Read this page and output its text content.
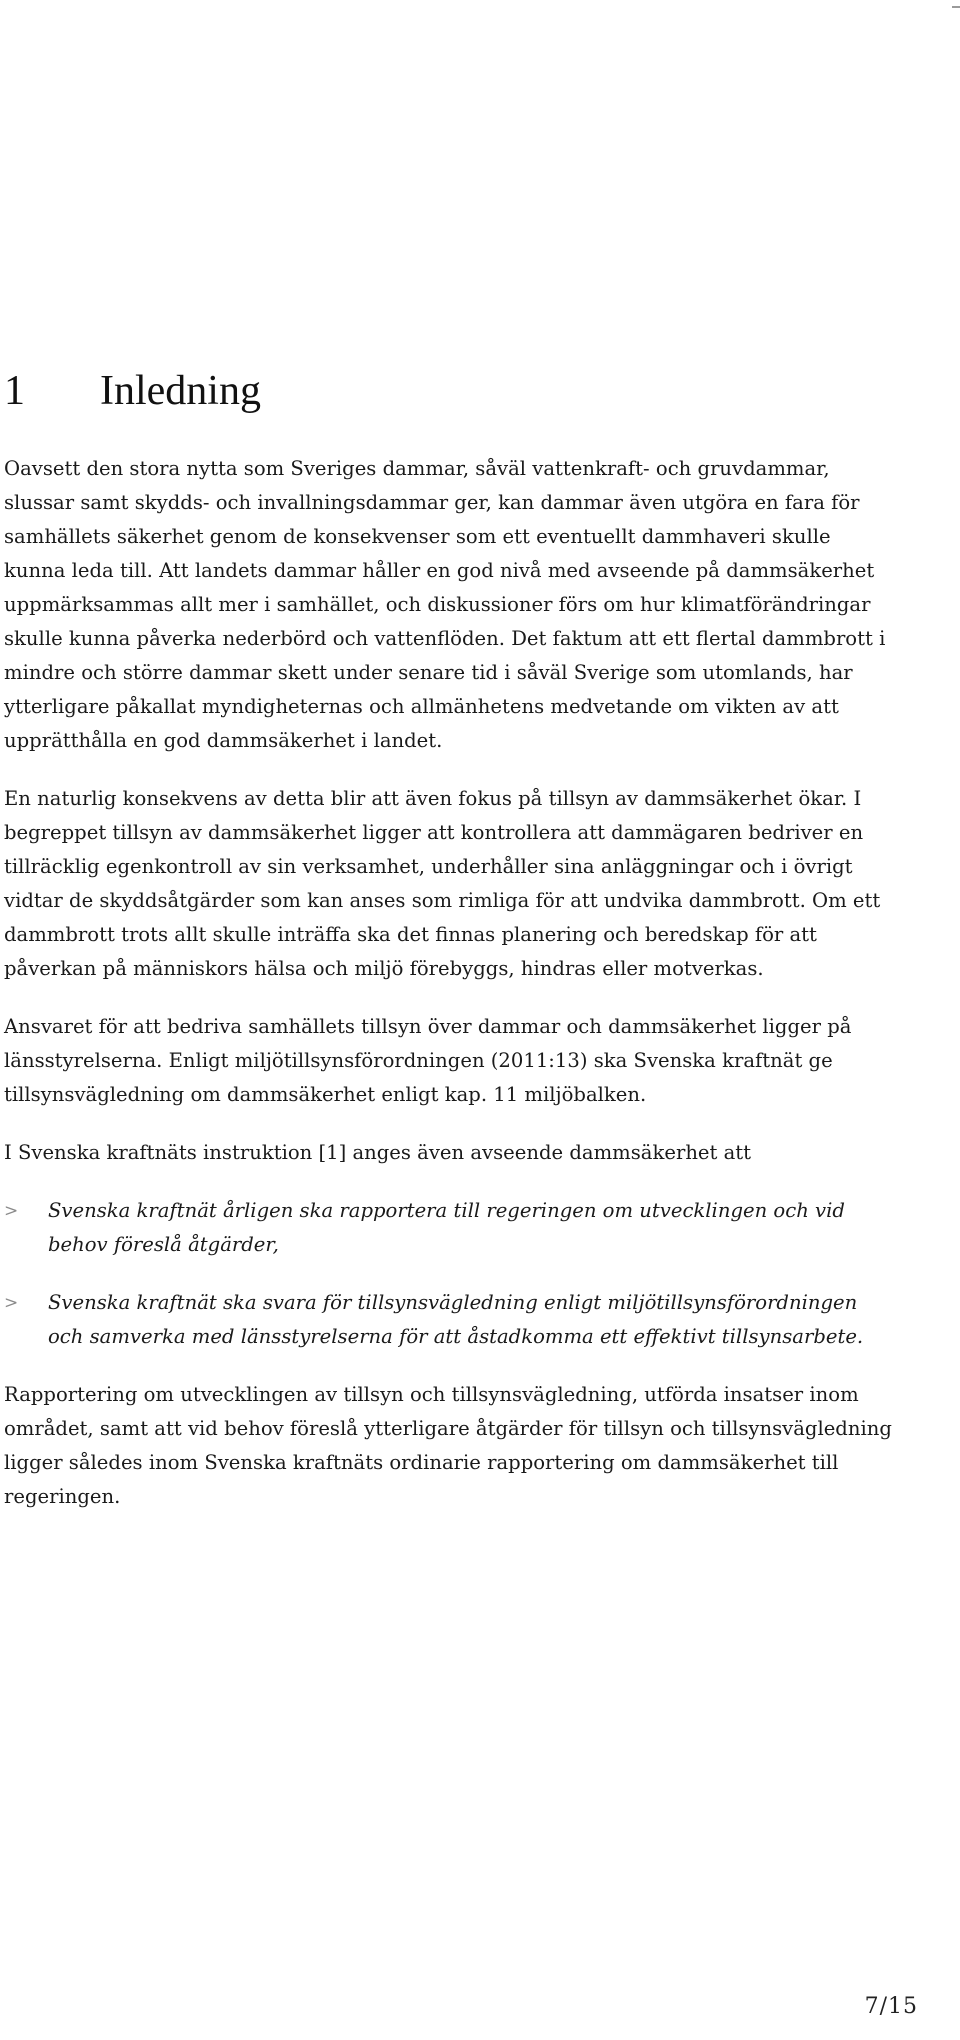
1 Inledning

Oavsett den stora nytta som Sveriges dammar, såväl vattenkraft- och gruvdammar, slussar samt skydds- och invallningsdammar ger, kan dammar även utgöra en fara för samhällets säkerhet genom de konsekvenser som ett eventuellt dammhaveri skulle kunna leda till. Att landets dammar håller en god nivå med avseende på dammsäkerhet uppmärksammas allt mer i samhället, och diskussioner förs om hur klimatförändringar skulle kunna påverka nederbörd och vattenflöden. Det faktum att ett flertal dammbrott i mindre och större dammar skett under senare tid i såväl Sverige som utomlands, har ytterligare påkallat myndigheternas och allmänhetens medvetande om vikten av att upprätthålla en god dammsäkerhet i landet.

En naturlig konsekvens av detta blir att även fokus på tillsyn av dammsäkerhet ökar. I begreppet tillsyn av dammsäkerhet ligger att kontrollera att dammägaren bedriver en tillräcklig egenkontroll av sin verksamhet, underhåller sina anläggningar och i övrigt vidtar de skyddsåtgärder som kan anses som rimliga för att undvika dammbrott. Om ett dammbrott trots allt skulle inträffa ska det finnas planering och beredskap för att påverkan på människors hälsa och miljö förebyggs, hindras eller motverkas.

Ansvaret för att bedriva samhällets tillsyn över dammar och dammsäkerhet ligger på länsstyrelserna. Enligt miljötillsynsförordningen (2011:13) ska Svenska kraftnät ge tillsynsvägledning om dammsäkerhet enligt kap. 11 miljöbalken.

I Svenska kraftnäts instruktion [1] anges även avseende dammsäkerhet att

> Svenska kraftnät årligen ska rapportera till regeringen om utvecklingen och vid behov föreslå åtgärder,
> Svenska kraftnät ska svara för tillsynsvägledning enligt miljötillsynsförordningen och samverka med länsstyrelserna för att åstadkomma ett effektivt tillsynsarbete.

Rapportering om utvecklingen av tillsyn och tillsynsvägledning, utförda insatser inom området, samt att vid behov föreslå ytterligare åtgärder för tillsyn och tillsynsvägledning ligger således inom Svenska kraftnäts ordinarie rapportering om dammsäkerhet till regeringen.

7/15
